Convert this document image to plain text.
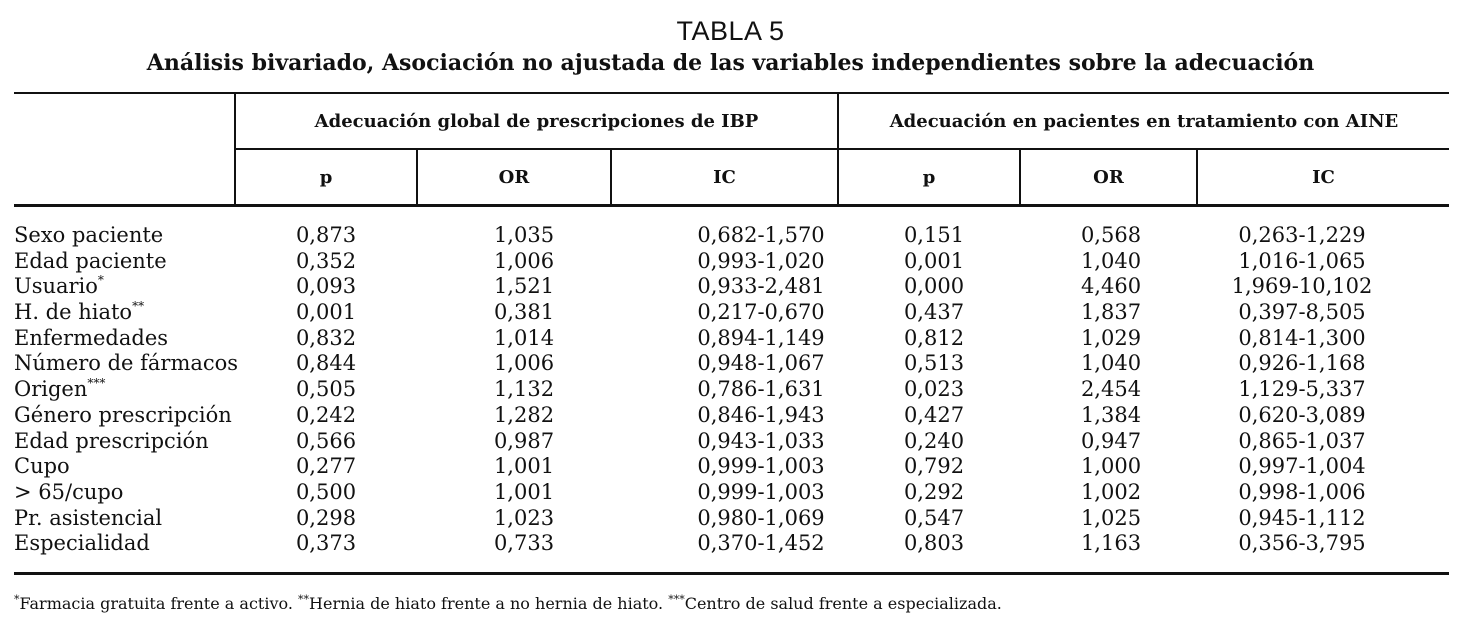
TABLA 5
Análisis bivariado, Asociación no ajustada de las variables independientes sobre la adecuación
Adecuación global de prescripciones de IBP	Adecuación en pacientes en tratamiento con AINE
p	OR	IC	p	OR	IC
Sexo paciente	0,873	1,035	0,682-1,570	0,151	0,568	0,263-1,229
Edad paciente	0,352	1,006	0,993-1,020	0,001	1,040	1,016-1,065
Usuario*	0,093	1,521	0,933-2,481	0,000	4,460	1,969-10,102
H. de hiato**	0,001	0,381	0,217-0,670	0,437	1,837	0,397-8,505
Enfermedades	0,832	1,014	0,894-1,149	0,812	1,029	0,814-1,300
Número de fármacos	0,844	1,006	0,948-1,067	0,513	1,040	0,926-1,168
Origen***	0,505	1,132	0,786-1,631	0,023	2,454	1,129-5,337
Género prescripción	0,242	1,282	0,846-1,943	0,427	1,384	0,620-3,089
Edad prescripción	0,566	0,987	0,943-1,033	0,240	0,947	0,865-1,037
Cupo	0,277	1,001	0,999-1,003	0,792	1,000	0,997-1,004
> 65/cupo	0,500	1,001	0,999-1,003	0,292	1,002	0,998-1,006
Pr. asistencial	0,298	1,023	0,980-1,069	0,547	1,025	0,945-1,112
Especialidad	0,373	0,733	0,370-1,452	0,803	1,163	0,356-3,795
*Farmacia gratuita frente a activo. **Hernia de hiato frente a no hernia de hiato. ***Centro de salud frente a especializada.
